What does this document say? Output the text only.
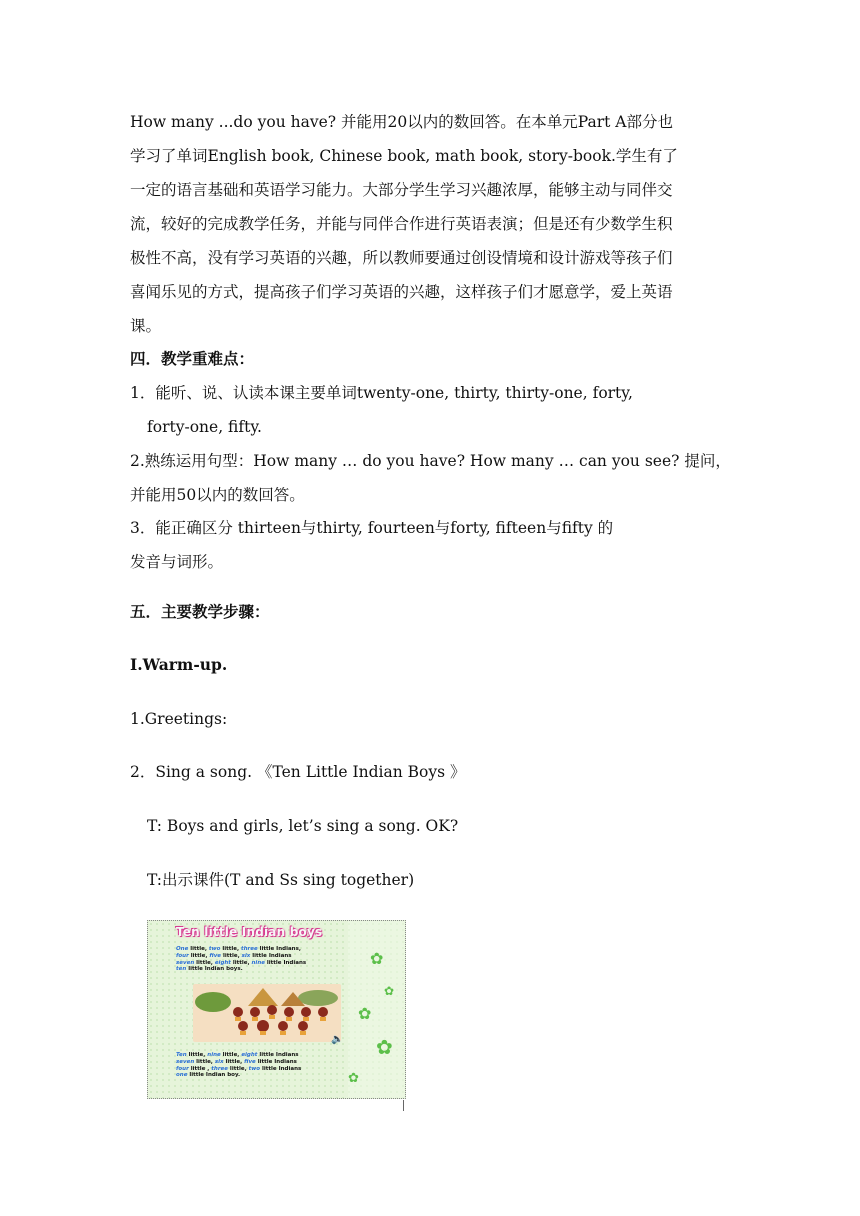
How many ...do you have? 并能用20以内的数回答。在本单元Part A部分也
学习了单词English book, Chinese book, math book, story-book.学生有了
一定的语言基础和英语学习能力。大部分学生学习兴趣浓厚，能够主动与同伴交
流，较好的完成教学任务，并能与同伴合作进行英语表演；但是还有少数学生积
极性不高，没有学习英语的兴趣，所以教师要通过创设情境和设计游戏等孩子们
喜闻乐见的方式，提高孩子们学习英语的兴趣，这样孩子们才愿意学，爱上英语
课。
四．教学重难点：
1．能听、说、认读本课主要单词twenty-one, thirty, thirty-one, forty,
forty-one, fifty.
2.熟练运用句型：How many … do you have? How many … can you see? 提问，
并能用50以内的数回答。
3．能正确区分 thirteen与thirty, fourteen与forty, fifteen与fifty 的
发音与词形。
五．主要教学步骤：
Ⅰ.Warm-up.
1.Greetings:
2．Sing a song. 《Ten Little Indian Boys 》
T: Boys and girls, let’s sing a song. OK?
T:出示课件(T and Ss sing together)
Ten little Indian boys
One little, two little, three little Indians,
four little, five little, six little Indians
seven little, eight little, nine little Indians
ten little Indian boys.
🔈
Ten little, nine little, eight little Indians
seven little, six little, five little Indians
four little , three little, two little Indians
one little Indian boy.
✿
✿
✿
✿
✿
